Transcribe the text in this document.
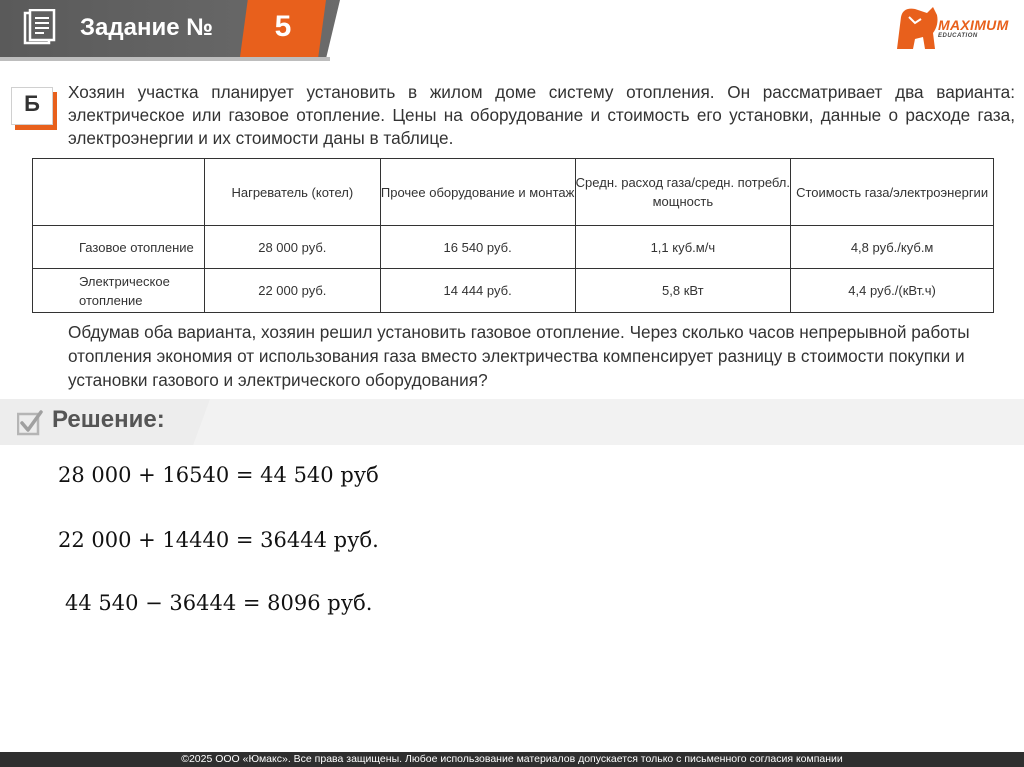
Задание №	5	MAXIMUM
EDUCATION
Б	Хозяин участка планирует установить в жилом доме систему отопления. Он рассматривает два варианта: электрическое или газовое отопление. Цены на оборудование и стоимость его установки, данные о расходе газа, электроэнергии и их стоимости даны в таблице.
	Нагреватель (котел)	Прочее оборудование и монтаж	Средн. расход газа/средн. потребл. мощность	Стоимость газа/электроэнергии
Газовое отопление	28 000 руб.	16 540 руб.	1,1 куб.м/ч	4,8 руб./куб.м
Электрическое отопление	22 000 руб.	14 444 руб.	5,8 кВт	4,4 руб./(кВт.ч)
Обдумав оба варианта, хозяин решил установить газовое отопление. Через сколько часов непрерывной работы отопления экономия от использования газа вместо электричества компенсирует разницу в стоимости покупки и установки газового и электрического оборудования?
Решение:
28 000 + 16540 = 44 540 руб
22 000 + 14440 = 36444 руб.
44 540 − 36444 = 8096 руб.
©2025 ООО «Юмакс». Все права защищены. Любое использование материалов допускается только с письменного согласия компании
